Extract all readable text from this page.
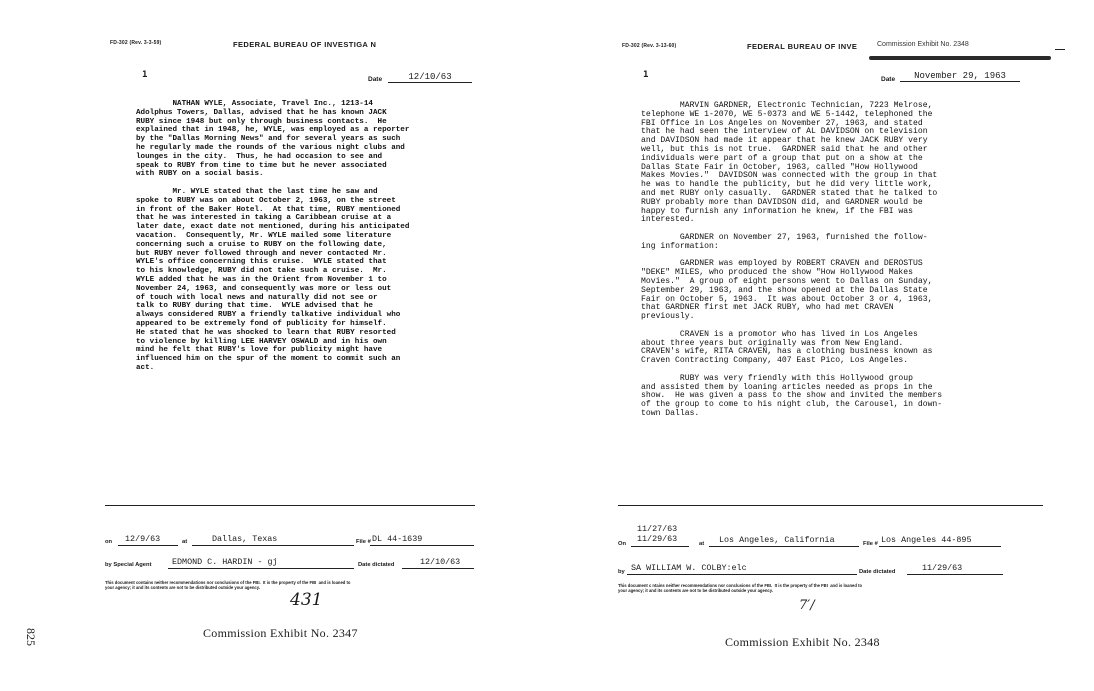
FD-302 (Rev. 3-3-59)	FEDERAL BUREAU OF INVESTIGA N
1	Date	12/10/63
NATHAN WYLE, Associate, Travel Inc., 1213-14
Adolphus Towers, Dallas, advised that he has known JACK
RUBY since 1948 but only through business contacts.  He
explained that in 1948, he, WYLE, was employed as a reporter
by the "Dallas Morning News" and for several years as such
he regularly made the rounds of the various night clubs and
lounges in the city.  Thus, he had occasion to see and
speak to RUBY from time to time but he never associated
with RUBY on a social basis.

Mr. WYLE stated that the last time he saw and
spoke to RUBY was on about October 2, 1963, on the street
in front of the Baker Hotel.  At that time, RUBY mentioned
that he was interested in taking a Caribbean cruise at a
later date, exact date not mentioned, during his anticipated
vacation.  Consequently, Mr. WYLE mailed some literature
concerning such a cruise to RUBY on the following date,
but RUBY never followed through and never contacted Mr.
WYLE's office concerning this cruise.  WYLE stated that
to his knowledge, RUBY did not take such a cruise.  Mr.
WYLE added that he was in the Orient from November 1 to
November 24, 1963, and consequently was more or less out
of touch with local news and naturally did not see or
talk to RUBY during that time.  WYLE advised that he
always considered RUBY a friendly talkative individual who
appeared to be extremely fond of publicity for himself.
He stated that he was shocked to learn that RUBY resorted
to violence by killing LEE HARVEY OSWALD and in his own
mind he felt that RUBY's love for publicity might have
influenced him on the spur of the moment to commit such an
act.
on 12/9/63	at	Dallas, Texas	File # DL 44-1639
by Special Agent EDMOND C. HARDIN - gj	Date dictated	12/10/63
This document contains neither recommendations nor conclusions of the FBI.  It is the property of the FBI  and is loaned to
your agency; it and its contents are not to be distributed outside your agency.
431
Commission Exhibit No. 2347
825
FD-302 (Rev. 3-13-60)	FEDERAL BUREAU OF INVE	Commission Exhibit No. 2348
1	Date	November 29, 1963
MARVIN GARDNER, Electronic Technician, 7223 Melrose,
telephone WE 1-2070, WE 5-0373 and WE 5-1442, telephoned the
FBI Office in Los Angeles on November 27, 1963, and stated
that he had seen the interview of AL DAVIDSON on television
and DAVIDSON had made it appear that he knew JACK RUBY very
well, but this is not true.  GARDNER said that he and other
individuals were part of a group that put on a show at the
Dallas State Fair in October, 1963, called "How Hollywood
Makes Movies."  DAVIDSON was connected with the group in that
he was to handle the publicity, but he did very little work,
and met RUBY only casually.  GARDNER stated that he talked to
RUBY probably more than DAVIDSON did, and GARDNER would be
happy to furnish any information he knew, if the FBI was
interested.

GARDNER on November 27, 1963, furnished the follow-
ing information:

GARDNER was employed by ROBERT CRAVEN and DEROSTUS
"DEKE" MILES, who produced the show "How Hollywood Makes
Movies."  A group of eight persons went to Dallas on Sunday,
September 29, 1963, and the show opened at the Dallas State
Fair on October 5, 1963.  It was about October 3 or 4, 1963,
that GARDNER first met JACK RUBY, who had met CRAVEN
previously.

CRAVEN is a promotor who has lived in Los Angeles
about three years but originally was from New England.
CRAVEN's wife, RITA CRAVEN, has a clothing business known as
Craven Contracting Company, 407 East Pico, Los Angeles.

RUBY was very friendly with this Hollywood group
and assisted them by loaning articles needed as props in the
show.  He was given a pass to the show and invited the members
of the group to come to his night club, the Carousel, in down-
town Dallas.
On
11/27/63
11/29/63	at Los Angeles, California	File # Los Angeles 44-895
by SA WILLIAM W. COLBY:elc	Date dictated	11/29/63
This document c ntains neither recommendations nor conclusions of the FBI.  It is the property of the FBI  and is loaned to
your agency; it and its contents are not to be distributed outside your agency.
7′/
Commission Exhibit No. 2348
